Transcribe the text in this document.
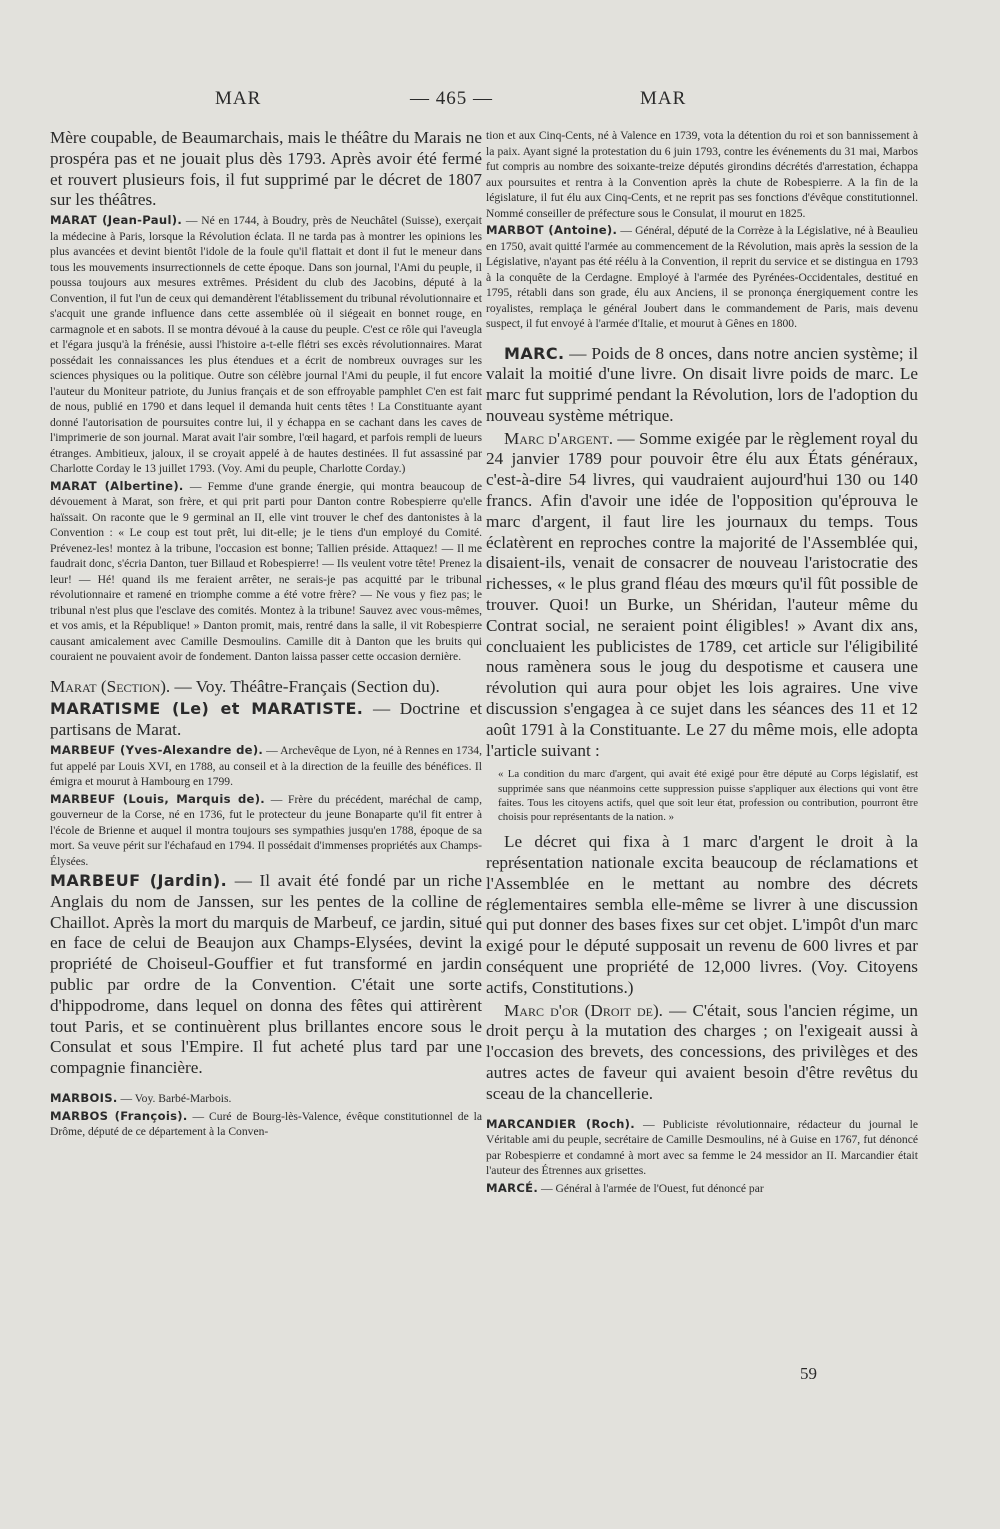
MAR	— 465 —	MAR

Mère coupable, de Beaumarchais, mais le théâtre du Marais ne prospéra pas et ne jouait plus dès 1793. Après avoir été fermé et rouvert plusieurs fois, il fut supprimé par le décret de 1807 sur les théâtres.

MARAT (Jean-Paul). — Né en 1744, à Boudry, près de Neuchâtel (Suisse), exerçait la médecine à Paris, lorsque la Révolution éclata. Il ne tarda pas à montrer les opinions les plus avancées et devint bientôt l'idole de la foule qu'il flattait et dont il fut le meneur dans tous les mouvements insurrectionnels de cette époque. Dans son journal, l'Ami du peuple, il poussa toujours aux mesures extrêmes. Président du club des Jacobins, député à la Convention, il fut l'un de ceux qui demandèrent l'établissement du tribunal révolutionnaire et s'acquit une grande influence dans cette assemblée où il siégeait en bonnet rouge, en carmagnole et en sabots. Il se montra dévoué à la cause du peuple. C'est ce rôle qui l'aveugla et l'égara jusqu'à la frénésie, aussi l'histoire a-t-elle flétri ses excès révolutionnaires. Marat possédait les connaissances les plus étendues et a écrit de nombreux ouvrages sur les sciences physiques ou la politique. Outre son célèbre journal l'Ami du peuple, il fut encore l'auteur du Moniteur patriote, du Junius français et de son effroyable pamphlet C'en est fait de nous, publié en 1790 et dans lequel il demanda huit cents têtes ! La Constituante ayant donné l'autorisation de poursuites contre lui, il y échappa en se cachant dans les caves de l'imprimerie de son journal. Marat avait l'air sombre, l'œil hagard, et parfois rempli de lueurs étranges. Ambitieux, jaloux, il se croyait appelé à de hautes destinées. Il fut assassiné par Charlotte Corday le 13 juillet 1793. (Voy. Ami du peuple, Charlotte Corday.)

MARAT (Albertine). — Femme d'une grande énergie, qui montra beaucoup de dévouement à Marat, son frère, et qui prit parti pour Danton contre Robespierre qu'elle haïssait. On raconte que le 9 germinal an II, elle vint trouver le chef des dantonistes à la Convention : « Le coup est tout prêt, lui dit-elle; je le tiens d'un employé du Comité. Prévenez-les! montez à la tribune, l'occasion est bonne; Tallien préside. Attaquez! — Il me faudrait donc, s'écria Danton, tuer Billaud et Robespierre! — Ils veulent votre tête! Prenez la leur! — Hé! quand ils me feraient arrêter, ne serais-je pas acquitté par le tribunal révolutionnaire et ramené en triomphe comme a été votre frère? — Ne vous y fiez pas; le tribunal n'est plus que l'esclave des comités. Montez à la tribune! Sauvez avec vous-mêmes, et vos amis, et la République! » Danton promit, mais, rentré dans la salle, il vit Robespierre causant amicalement avec Camille Desmoulins. Camille dit à Danton que les bruits qui couraient ne pouvaient avoir de fondement. Danton laissa passer cette occasion dernière.

Marat (Section). — Voy. Théâtre-Français (Section du).

MARATISME (Le) et MARATISTE. — Doctrine et partisans de Marat.

MARBEUF (Yves-Alexandre de). — Archevêque de Lyon, né à Rennes en 1734, fut appelé par Louis XVI, en 1788, au conseil et à la direction de la feuille des bénéfices. Il émigra et mourut à Hambourg en 1799.

MARBEUF (Louis, Marquis de). — Frère du précédent, maréchal de camp, gouverneur de la Corse, né en 1736, fut le protecteur du jeune Bonaparte qu'il fit entrer à l'école de Brienne et auquel il montra toujours ses sympathies jusqu'en 1788, époque de sa mort. Sa veuve périt sur l'échafaud en 1794. Il possédait d'immenses propriétés aux Champs-Élysées.

MARBEUF (Jardin). — Il avait été fondé par un riche Anglais du nom de Janssen, sur les pentes de la colline de Chaillot. Après la mort du marquis de Marbeuf, ce jardin, situé en face de celui de Beaujon aux Champs-Elysées, devint la propriété de Choiseul-Gouffier et fut transformé en jardin public par ordre de la Convention. C'était une sorte d'hippodrome, dans lequel on donna des fêtes qui attirèrent tout Paris, et se continuèrent plus brillantes encore sous le Consulat et sous l'Empire. Il fut acheté plus tard par une compagnie financière.

MARBOIS. — Voy. Barbé-Marbois.

MARBOS (François). — Curé de Bourg-lès-Valence, évêque constitutionnel de la Drôme, député de ce département à la Conven-

tion et aux Cinq-Cents, né à Valence en 1739, vota la détention du roi et son bannissement à la paix. Ayant signé la protestation du 6 juin 1793, contre les événements du 31 mai, Marbos fut compris au nombre des soixante-treize députés girondins décrétés d'arrestation, échappa aux poursuites et rentra à la Convention après la chute de Robespierre. A la fin de la législature, il fut élu aux Cinq-Cents, et ne reprit pas ses fonctions d'évêque constitutionnel. Nommé conseiller de préfecture sous le Consulat, il mourut en 1825.

MARBOT (Antoine). — Général, député de la Corrèze à la Législative, né à Beaulieu en 1750, avait quitté l'armée au commencement de la Révolution, mais après la session de la Législative, n'ayant pas été réélu à la Convention, il reprit du service et se distingua en 1793 à la conquête de la Cerdagne. Employé à l'armée des Pyrénées-Occidentales, destitué en 1795, rétabli dans son grade, élu aux Anciens, il se prononça énergiquement contre les royalistes, remplaça le général Joubert dans le commandement de Paris, mais devenu suspect, il fut envoyé à l'armée d'Italie, et mourut à Gênes en 1800.

MARC. — Poids de 8 onces, dans notre ancien système; il valait la moitié d'une livre. On disait livre poids de marc. Le marc fut supprimé pendant la Révolution, lors de l'adoption du nouveau système métrique.

Marc d'argent. — Somme exigée par le règlement royal du 24 janvier 1789 pour pouvoir être élu aux États généraux, c'est-à-dire 54 livres, qui vaudraient aujourd'hui 130 ou 140 francs. Afin d'avoir une idée de l'opposition qu'éprouva le marc d'argent, il faut lire les journaux du temps. Tous éclatèrent en reproches contre la majorité de l'Assemblée qui, disaient-ils, venait de consacrer de nouveau l'aristocratie des richesses, « le plus grand fléau des mœurs qu'il fût possible de trouver. Quoi! un Burke, un Shéridan, l'auteur même du Contrat social, ne seraient point éligibles! » Avant dix ans, concluaient les publicistes de 1789, cet article sur l'éligibilité nous ramènera sous le joug du despotisme et causera une révolution qui aura pour objet les lois agraires. Une vive discussion s'engagea à ce sujet dans les séances des 11 et 12 août 1791 à la Constituante. Le 27 du même mois, elle adopta l'article suivant :

« La condition du marc d'argent, qui avait été exigé pour être député au Corps législatif, est supprimée sans que néanmoins cette suppression puisse s'appliquer aux élections qui vont être faites. Tous les citoyens actifs, quel que soit leur état, profession ou contribution, pourront être choisis pour représentants de la nation. »

Le décret qui fixa à 1 marc d'argent le droit à la représentation nationale excita beaucoup de réclamations et l'Assemblée en le mettant au nombre des décrets réglementaires sembla elle-même se livrer à une discussion qui put donner des bases fixes sur cet objet. L'impôt d'un marc exigé pour le député supposait un revenu de 600 livres et par conséquent une propriété de 12,000 livres. (Voy. Citoyens actifs, Constitutions.)

Marc d'or (Droit de). — C'était, sous l'ancien régime, un droit perçu à la mutation des charges ; on l'exigeait aussi à l'occasion des brevets, des concessions, des privilèges et des autres actes de faveur qui avaient besoin d'être revêtus du sceau de la chancellerie.

MARCANDIER (Roch). — Publiciste révolutionnaire, rédacteur du journal le Véritable ami du peuple, secrétaire de Camille Desmoulins, né à Guise en 1767, fut dénoncé par Robespierre et condamné à mort avec sa femme le 24 messidor an II. Marcandier était l'auteur des Étrennes aux grisettes.

MARCÉ. — Général à l'armée de l'Ouest, fut dénoncé par

59
